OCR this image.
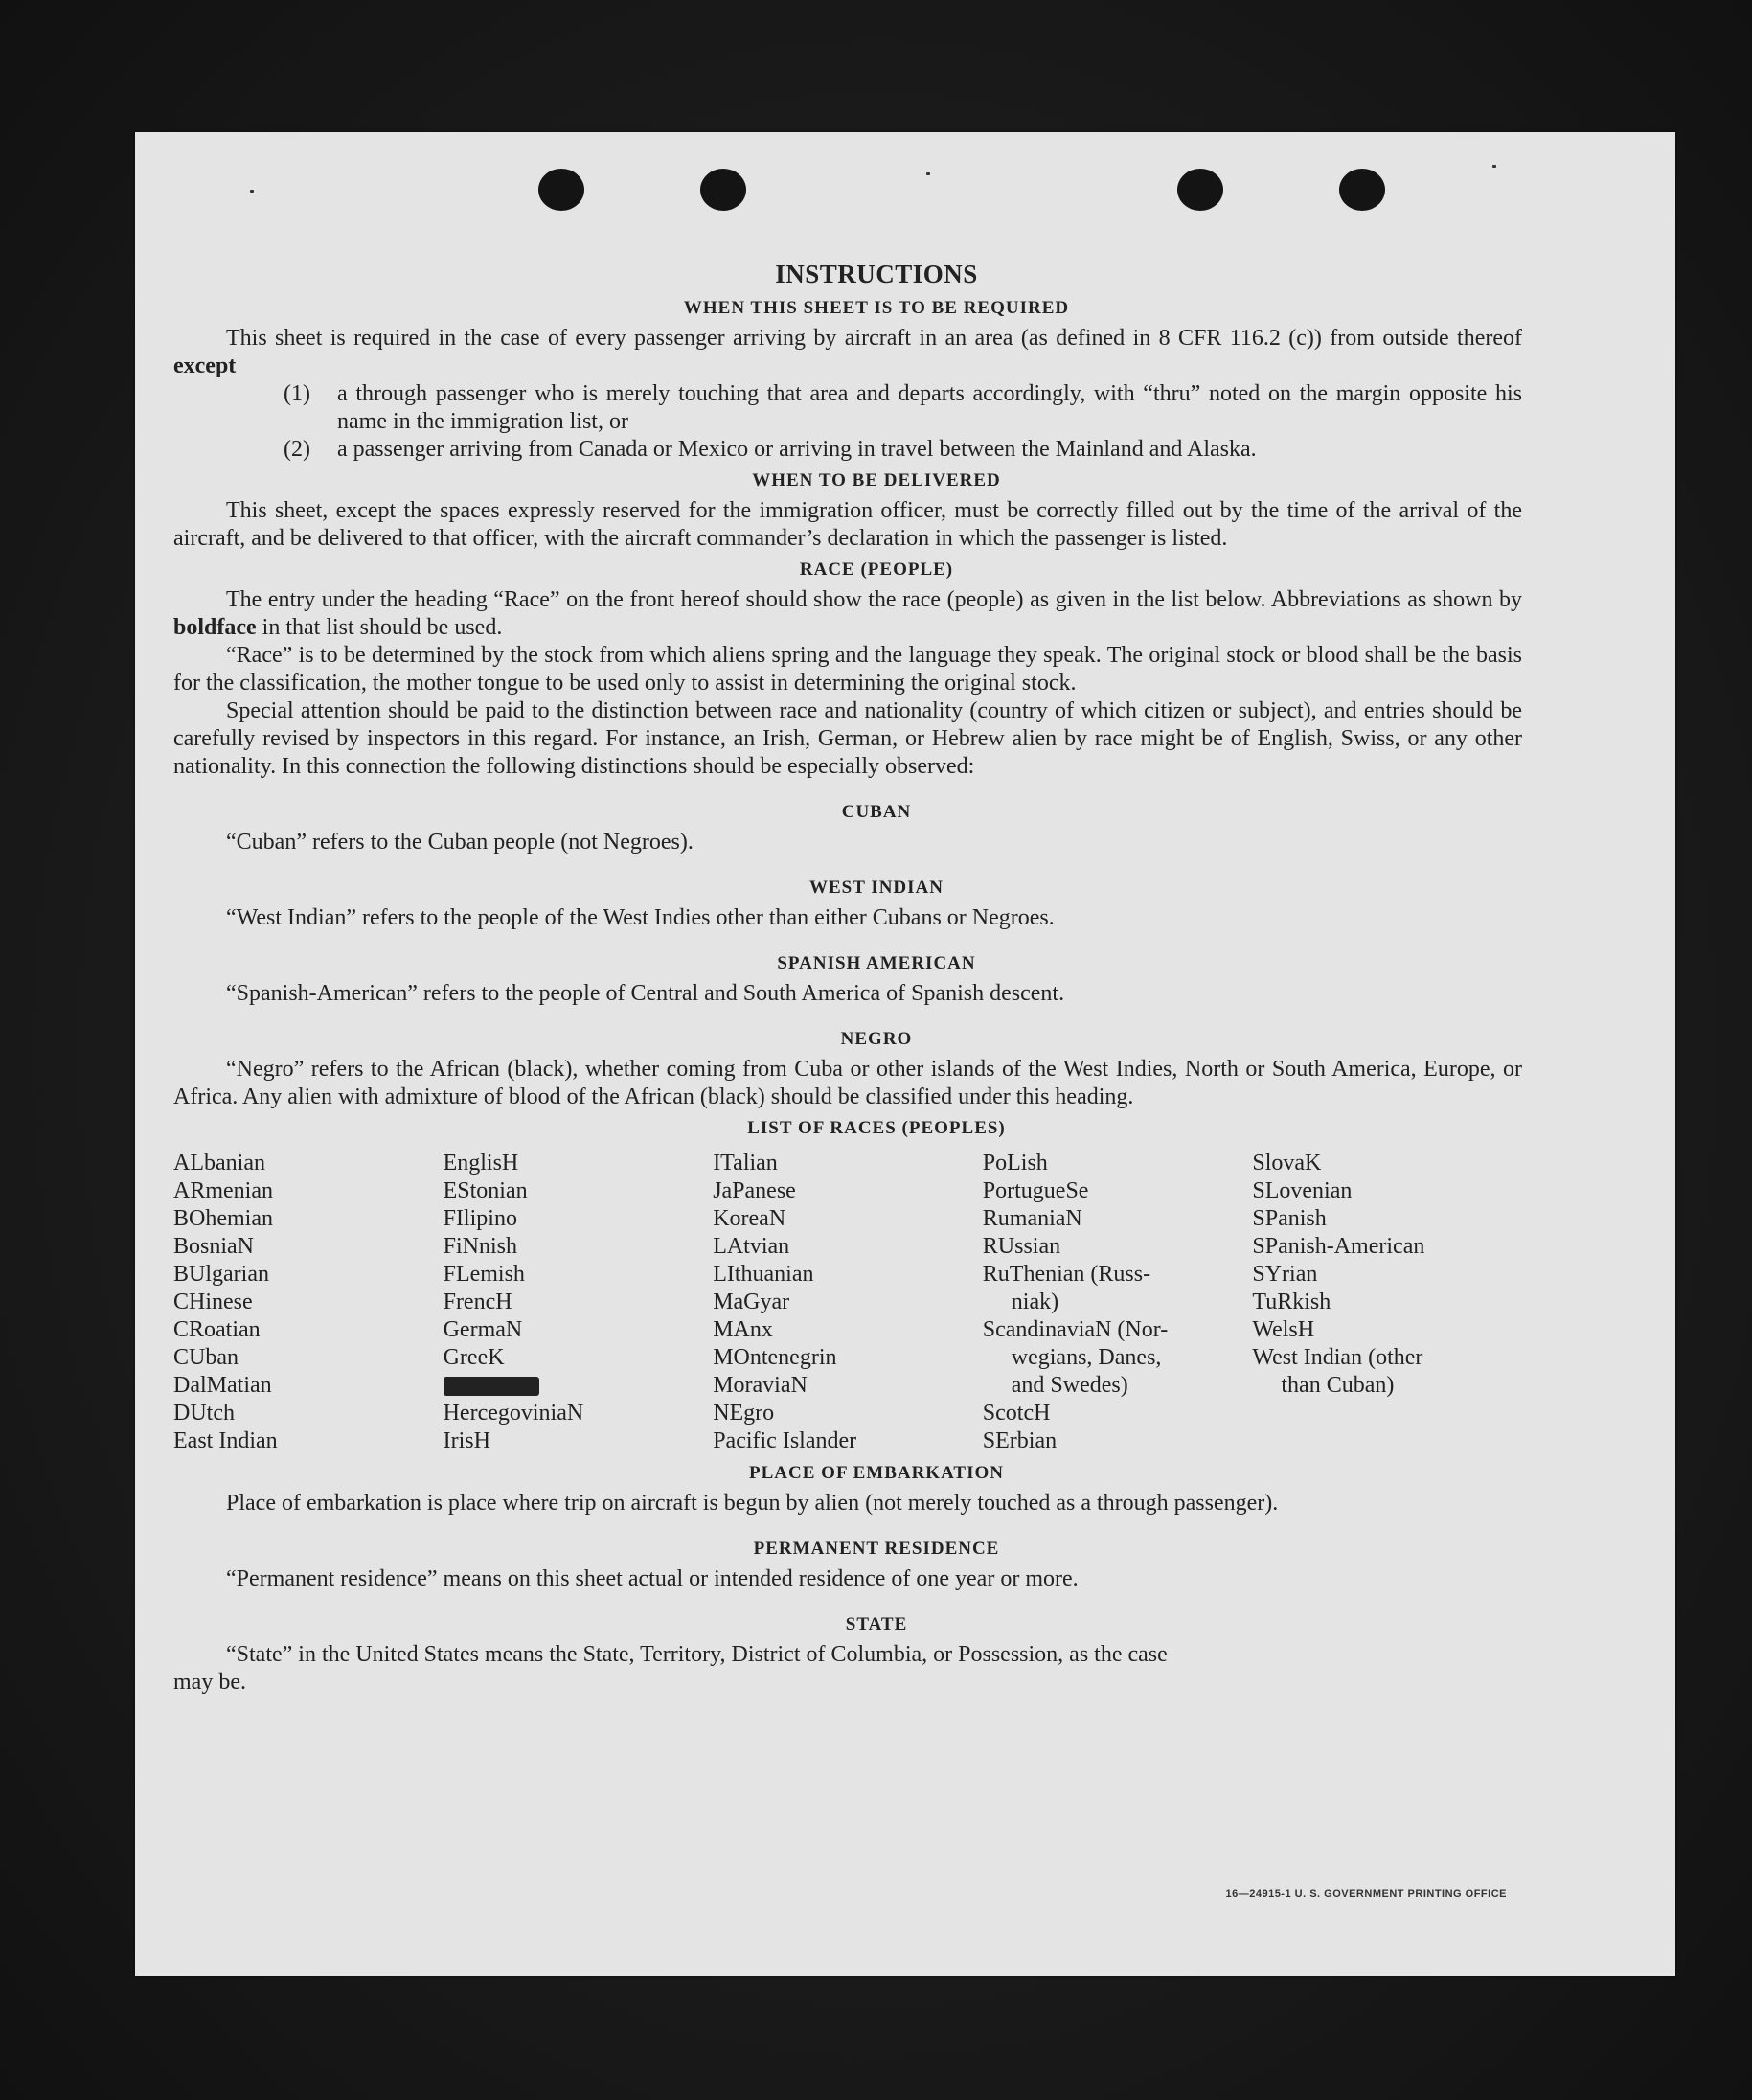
INSTRUCTIONS
WHEN THIS SHEET IS TO BE REQUIRED

This sheet is required in the case of every passenger arriving by aircraft in an area (as defined in 8 CFR 116.2 (c)) from outside thereof except

(1)	a through passenger who is merely touching that area and departs accordingly, with “thru” noted on the margin opposite his name in the immigration list, or
(2)	a passenger arriving from Canada or Mexico or arriving in travel between the Mainland and Alaska.
WHEN TO BE DELIVERED

This sheet, except the spaces expressly reserved for the immigration officer, must be correctly filled out by the time of the arrival of the aircraft, and be delivered to that officer, with the aircraft commander’s declaration in which the passenger is listed.

RACE (PEOPLE)

The entry under the heading “Race” on the front hereof should show the race (people) as given in the list below. Abbreviations as shown by boldface in that list should be used.

“Race” is to be determined by the stock from which aliens spring and the language they speak. The original stock or blood shall be the basis for the classification, the mother tongue to be used only to assist in determining the original stock.

Special attention should be paid to the distinction between race and nationality (country of which citizen or subject), and entries should be carefully revised by inspectors in this regard. For instance, an Irish, German, or Hebrew alien by race might be of English, Swiss, or any other nationality. In this connection the following distinctions should be especially observed:

CUBAN

“Cuban” refers to the Cuban people (not Negroes).

WEST INDIAN

“West Indian” refers to the people of the West Indies other than either Cubans or Negroes.

SPANISH AMERICAN

“Spanish-American” refers to the people of Central and South America of Spanish descent.

NEGRO

“Negro” refers to the African (black), whether coming from Cuba or other islands of the West Indies, North or South America, Europe, or Africa. Any alien with admixture of blood of the African (black) should be classified under this heading.

LIST OF RACES (PEOPLES)
ALbanian
ARmenian
BOhemian
BosniaN
BUlgarian
CHinese
CRoatian
CUban
DalMatian
DUtch
East Indian
EnglisH
EStonian
FIlipino
FiNnish
FLemish
FrencH
GermaN
GreeK
HercegoviniaN
IrisH
ITalian
JaPanese
KoreaN
LAtvian
LIthuanian
MaGyar
MAnx
MOntenegrin
MoraviaN
NEgro
Pacific Islander
PoLish
PortugueSe
RumaniaN
RUssian
RuThenian (Russ-
niak)
ScandinaviaN (Nor-
wegians, Danes,
and Swedes)
ScotcH
SErbian
SlovaK
SLovenian
SPanish
SPanish-American
SYrian
TuRkish
WelsH
West Indian (other
than Cuban)
PLACE OF EMBARKATION

Place of embarkation is place where trip on aircraft is begun by alien (not merely touched as a through passenger).

PERMANENT RESIDENCE

“Permanent residence” means on this sheet actual or intended residence of one year or more.

STATE

“State” in the United States means the State, Territory, District of Columbia, or Possession, as the case

may be.

16—24915-1 U. S. GOVERNMENT PRINTING OFFICE
